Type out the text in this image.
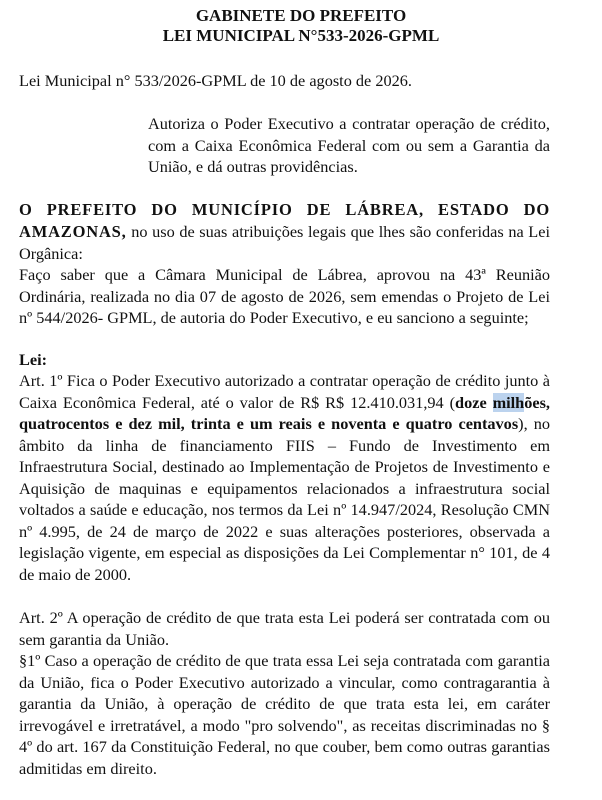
GABINETE DO PREFEITO
LEI MUNICIPAL N°533-2026-GPML
Lei Municipal n° 533/2026-GPML de 10 de agosto de 2026.
Autoriza o Poder Executivo a contratar operação de crédito, com a Caixa Econômica Federal com ou sem a Garantia da União, e dá outras providências.
O PREFEITO DO MUNICÍPIO DE LÁBREA, ESTADO DO AMAZONAS, no uso de suas atribuições legais que lhes são conferidas na Lei Orgânica:
Faço saber que a Câmara Municipal de Lábrea, aprovou na 43ª Reunião Ordinária, realizada no dia 07 de agosto de 2026, sem emendas o Projeto de Lei nº 544/2026- GPML, de autoria do Poder Executivo, e eu sanciono a seguinte;
Lei:
Art. 1º Fica o Poder Executivo autorizado a contratar operação de crédito junto à Caixa Econômica Federal, até o valor de R$ R$ 12.410.031,94 (doze milhões, quatrocentos e dez mil, trinta e um reais e noventa e quatro centavos), no âmbito da linha de financiamento FIIS – Fundo de Investimento em Infraestrutura Social, destinado ao Implementação de Projetos de Investimento e Aquisição de maquinas e equipamentos relacionados a infraestrutura social voltados a saúde e educação, nos termos da Lei nº 14.947/2024, Resolução CMN nº 4.995, de 24 de março de 2022 e suas alterações posteriores, observada a legislação vigente, em especial as disposições da Lei Complementar n° 101, de 4 de maio de 2000.
Art. 2º A operação de crédito de que trata esta Lei poderá ser contratada com ou sem garantia da União.
§1º Caso a operação de crédito de que trata essa Lei seja contratada com garantia da União, fica o Poder Executivo autorizado a vincular, como contragarantia à garantia da União, à operação de crédito de que trata esta lei, em caráter irrevogável e irretratável, a modo "pro solvendo", as receitas discriminadas no § 4º do art. 167 da Constituição Federal, no que couber, bem como outras garantias admitidas em direito.
